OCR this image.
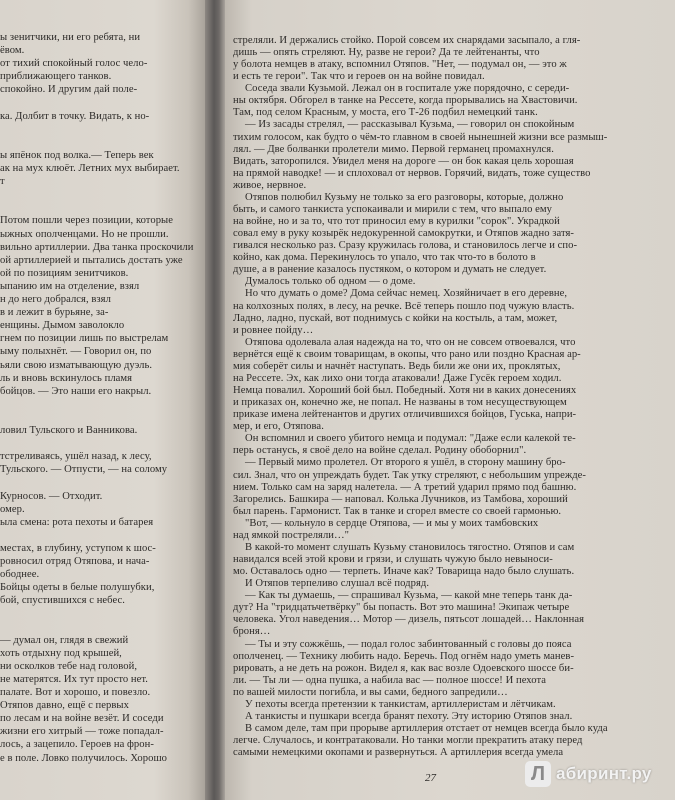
ы зенитчики, ни его ребята, ни
ёвом.
от тихий спокойный голос чело-
приближающего танков.
спокойно. И другим дай поле-
ка. Долбит в точку. Видать, к но-
ы япёнок под волка.— Теперь век
ак на мух клюёт. Летних мух выбирает.
т
Потом пошли через позиции, которые
ыжных ополченцами. Но не прошли.
вильно артиллерии. Два танка проскочили
ой артиллерией и пытались достать уже
ой по позициям зенитчиков.
ыпанию им на отделение, взял
н до него добрался, взял
в и лежит в бурьяне, за-
енщины. Дымом заволокло
гнем по позиции лишь по выстрелам
ыму полыхнёт. — Говорил он, по
ьяли свою изматывающую дуэль.
ль и вновь вскинулось пламя
бойцов. — Это наши его накрыл.
ловил Тульского и Ванникова.
тстреливаясь, ушёл назад, к лесу,
Тульского. — Отпусти, — на солому
Курносов. — Отходит.
омер.
ыла смена: рота пехоты и батарея
местах, в глубину, уступом к шос-
ровносил отряд Отяпова, и нача-
ободнее.
Бойцы одеты в белые полушубки,
бой, спустившихся с небес.
— думал он, глядя в свежий
хоть отдыхну под крышей,
ни осколков тебе над головой,
не матерятся. Их тут просто нет.
палате. Вот и хорошо, и повезло.
Отяпов давно, ещё с первых
по лесам и на войне везёт. И соседи
жизни его хитрый — тоже попадал-
лось, а зацепило. Героев на фрон-
е в поле. Ловко получилось. Хорошо
27	Л абиринт.ру
стреляли. И держались стойко. Порой совсем их снарядами засыпало, а гля-
дишь — опять стреляют. Ну, разве не герои? Да те лейтенанты, что
у болота немцев в атаку, вспомнил Отяпов. "Нет, — подумал он, — это ж
и есть те герои". Так что и героев он на войне повидал.
Соседа звали Кузьмой. Лежал он в госпитале уже порядочно, с середи-
ны октября. Обгорел в танке на Рессете, когда прорывались на Хвастовичи.
Там, под селом Красным, у моста, его Т-26 подбил немецкий танк.
— Из засады стрелял, — рассказывал Кузьма, — говорил он спокойным
тихим голосом, как будто о чём-то главном в своей нынешней жизни все размыш-
лял. — Две болванки пролетели мимо. Первой германец промахнулся.
Видать, заторопился. Увидел меня на дороге — он бок какая цель хорошая
на прямой наводке! — и сплоховал от нервов. Горячий, видать, тоже существо
живое, нервное.
Отяпов полюбил Кузьму не только за его разговоры, которые, должно
быть, и самого танкиста успокаивали и мирили с тем, что выпало ему
на войне, но и за то, что тот приносил ему в курилки "сорок". Украдкой
совал ему в руку козырёк недокуренной самокрутки, и Отяпов жадно затя-
гивался несколько раз. Сразу кружилась голова, и становилось легче и спо-
койно, как дома. Перекинулось то упало, что так что-то в болото в
душе, а в ранение казалось пустяком, о котором и думать не следует.
Думалось только об одном — о доме.
Но что думать о доме? Дома сейчас немец. Хозяйничает в его деревне,
на колхозных полях, в лесу, на речке. Всё теперь пошло под чужую власть.
Ладно, ладно, пускай, вот поднимусь с койки на костыль, а там, может,
и ровнее пойду…
Отяпова одолевала алая надежда на то, что он не совсем отвоевался, что
вернётся ещё к своим товарищам, в окопы, что рано или поздно Красная ар-
мия соберёт силы и начнёт наступать. Ведь били же они их, проклятых,
на Рессете. Эх, как лихо они тогда атаковали! Даже Гусёк героем ходил.
Немца повалил. Хороший бой был. Победный. Хотя ни в каких донесениях
и приказах он, конечно же, не попал. Не названы в том несуществующем
приказе имена лейтенантов и других отличившихся бойцов, Гуська, напри-
мер, и его, Отяпова.
Он вспомнил и своего убитого немца и подумал: "Даже если калекой те-
перь останусь, я своё дело на войне сделал. Родину обоборнил".
— Первый мимо пролетел. От второго я ушёл, в сторону машину бро-
сил. Знал, что он упреждать будет. Так утку стреляют, с небольшим упрежде-
нием. Только сам на заряд налетела. — А третий ударил прямо под башню.
Загорелись. Башкира — наповал. Колька Лучников, из Тамбова, хороший
был парень. Гармонист. Так в танке и сгорел вместе со своей гармонью.
"Вот, — кольнуло в сердце Отяпова, — и мы у моих тамбовских
над ямкой постреляли…"
В какой-то момент слушать Кузьму становилось тягостно. Отяпов и сам
навидался всей этой крови и грязи, и слушать чужую было невыноси-
мо. Оставалось одно — терпеть. Иначе как? Товарища надо было слушать.
И Отяпов терпеливо слушал всё подряд.
— Как ты думаешь, — спрашивал Кузьма, — какой мне теперь танк да-
дут? На "тридцатьчетвёрку" бы попасть. Вот это машина! Экипаж четыре
человека. Угол наведения… Мотор — дизель, пятьсот лошадей… Наклонная
броня…
— Ты и эту сожжёшь, — подал голос забинтованный с головы до пояса
ополченец. — Технику любить надо. Беречь. Под огнём надо уметь манев-
рировать, а не деть на рожон. Видел я, как вас возле Одоевского шоссе би-
ли. — Ты ли — одна пушка, а набила вас — полное шоссе! И пехота
по вашей милости погибла, и вы сами, бедного запредили…
У пехоты всегда претензии к танкистам, артиллеристам и лётчикам.
А танкисты и пушкари всегда бранят пехоту. Эту историю Отяпов знал.
В самом деле, там при прорыве артиллерия отстает от немцев всегда было куда
легче. Случалось, и контратаковали. Но танки могли прекратить атаку перед
самыми немецкими окопами и развернуться. А артиллерия всегда умела
